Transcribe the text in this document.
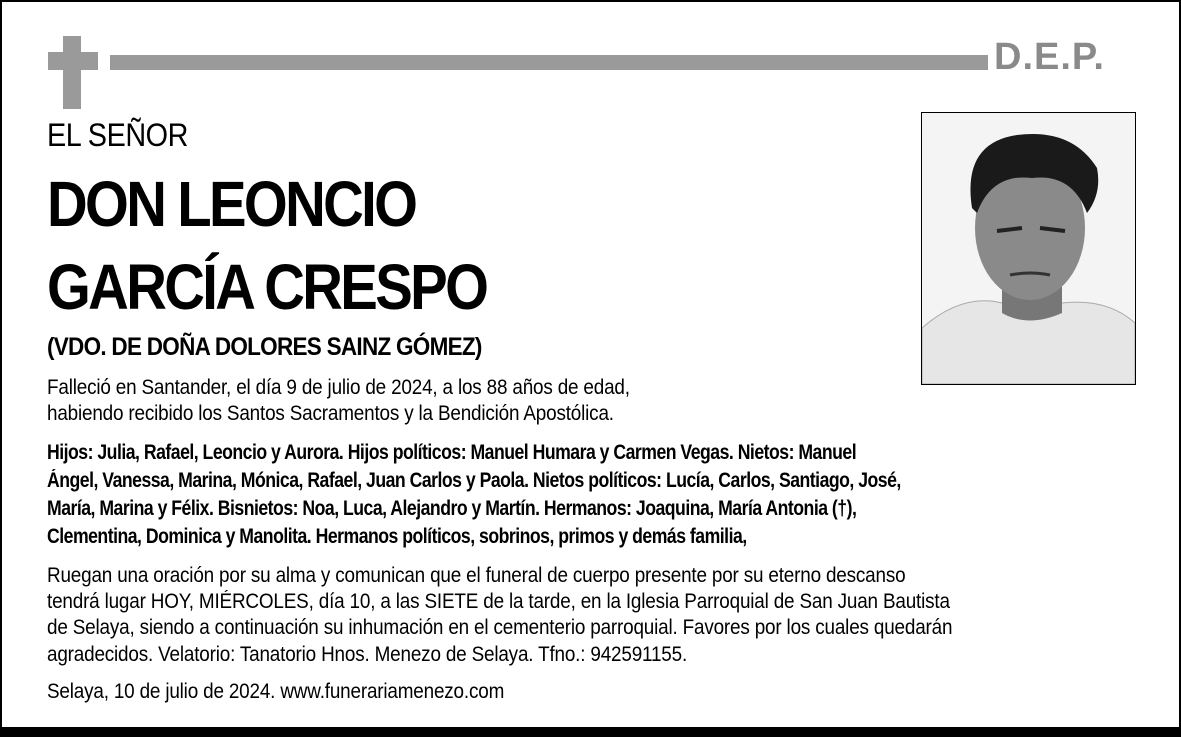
D.E.P.
EL SEÑOR
DON LEONCIO
GARCÍA CRESPO
(VDO. DE DOÑA DOLORES SAINZ GÓMEZ)
Falleció en Santander, el día 9 de julio de 2024, a los 88 años de edad,
habiendo recibido los Santos Sacramentos y la Bendición Apostólica.
Hijos: Julia, Rafael, Leoncio y Aurora. Hijos políticos: Manuel Humara y Carmen Vegas. Nietos: Manuel
Ángel, Vanessa, Marina, Mónica, Rafael, Juan Carlos y Paola. Nietos políticos: Lucía, Carlos, Santiago, José,
María, Marina y Félix. Bisnietos: Noa, Luca, Alejandro y Martín. Hermanos: Joaquina, María Antonia (†),
Clementina, Dominica y Manolita. Hermanos políticos, sobrinos, primos y demás familia,
Ruegan una oración por su alma y comunican que el funeral de cuerpo presente por su eterno descanso
tendrá lugar HOY, MIÉRCOLES, día 10, a las SIETE de la tarde, en la Iglesia Parroquial de San Juan Bautista
de Selaya, siendo a continuación su inhumación en el cementerio parroquial. Favores por los cuales quedarán
agradecidos. Velatorio: Tanatorio Hnos. Menezo de Selaya. Tfno.: 942591155.
Selaya, 10 de julio de 2024. www.funerariamenezo.com
